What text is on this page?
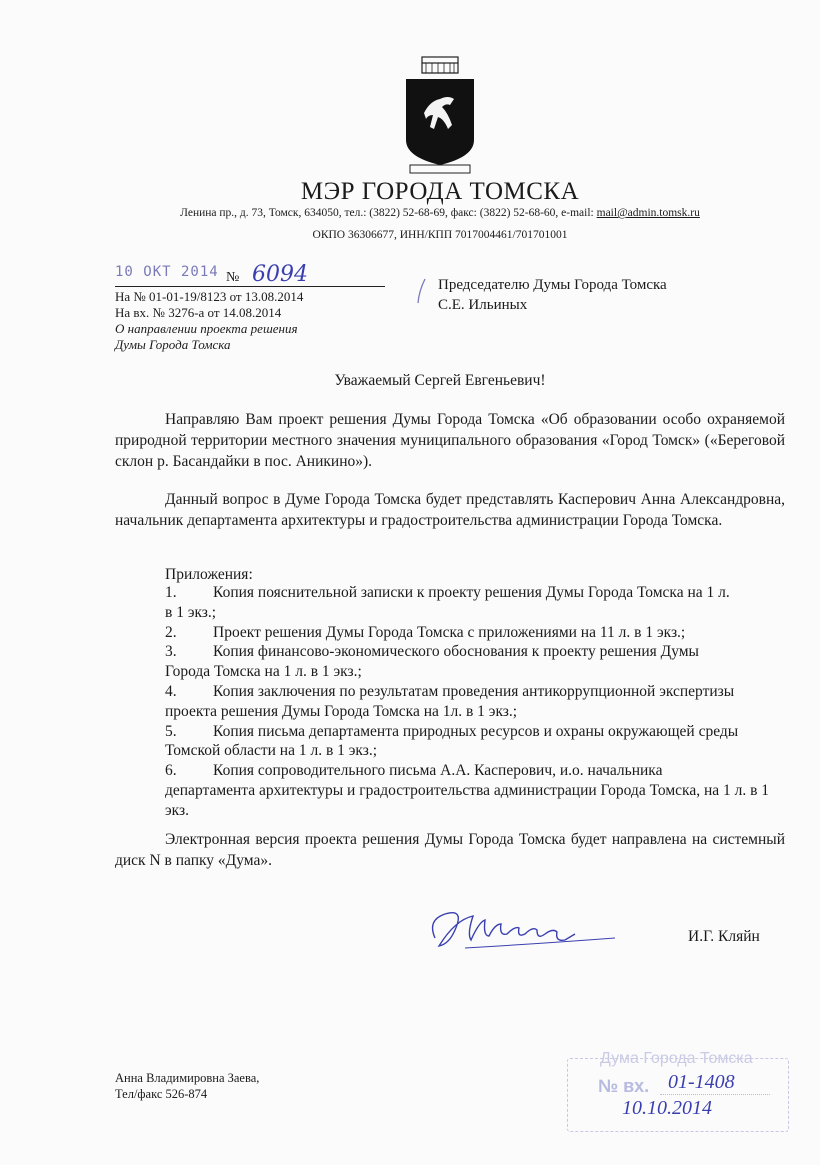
МЭР ГОРОДА ТОМСКА
Ленина пр., д. 73, Томск, 634050, тел.: (3822) 52-68-69, факс: (3822) 52-68-60, e-mail: mail@admin.tomsk.ru
ОКПО 36306677, ИНН/КПП 7017004461/701701001
10 ОКТ 2014 № 6094
На № 01-01-19/8123 от 13.08.2014
На вх. № 3276-а от 14.08.2014
О направлении проекта решения
Думы Города Томска
Председателю Думы Города Томска
С.Е. Ильиных
Уважаемый Сергей Евгеньевич!
Направляю Вам проект решения Думы Города Томска «Об образовании особо охраняемой природной территории местного значения муниципального образования «Город Томск» («Береговой склон р. Басандайки в пос. Аникино»).
Данный вопрос в Думе Города Томска будет представлять Касперович Анна Александровна, начальник департамента архитектуры и градостроительства администрации Города Томска.
Приложения:
1.	Копия пояснительной записки к проекту решения Думы Города Томска на 1 л.
в 1 экз.;
2.	Проект решения Думы Города Томска с приложениями на 11 л. в 1 экз.;
3.	Копия финансово-экономического обоснования к проекту решения Думы
Города Томска на 1 л. в 1 экз.;
4.	Копия заключения по результатам проведения антикоррупционной экспертизы
проекта решения Думы Города Томска на 1л. в 1 экз.;
5.	Копия письма департамента природных ресурсов и охраны окружающей среды
Томской области на 1 л. в 1 экз.;
6.	Копия сопроводительного письма А.А. Касперович, и.о. начальника
департамента архитектуры и градостроительства администрации Города Томска, на 1 л. в 1 экз.
Электронная версия проекта решения Думы Города Томска будет направлена на системный диск N в папку «Дума».
И.Г. Кляйн
Анна Владимировна Заева,
Тел/факс 526-874
Дума Города Томска
№ вх. 01-1408
10.10.2014
